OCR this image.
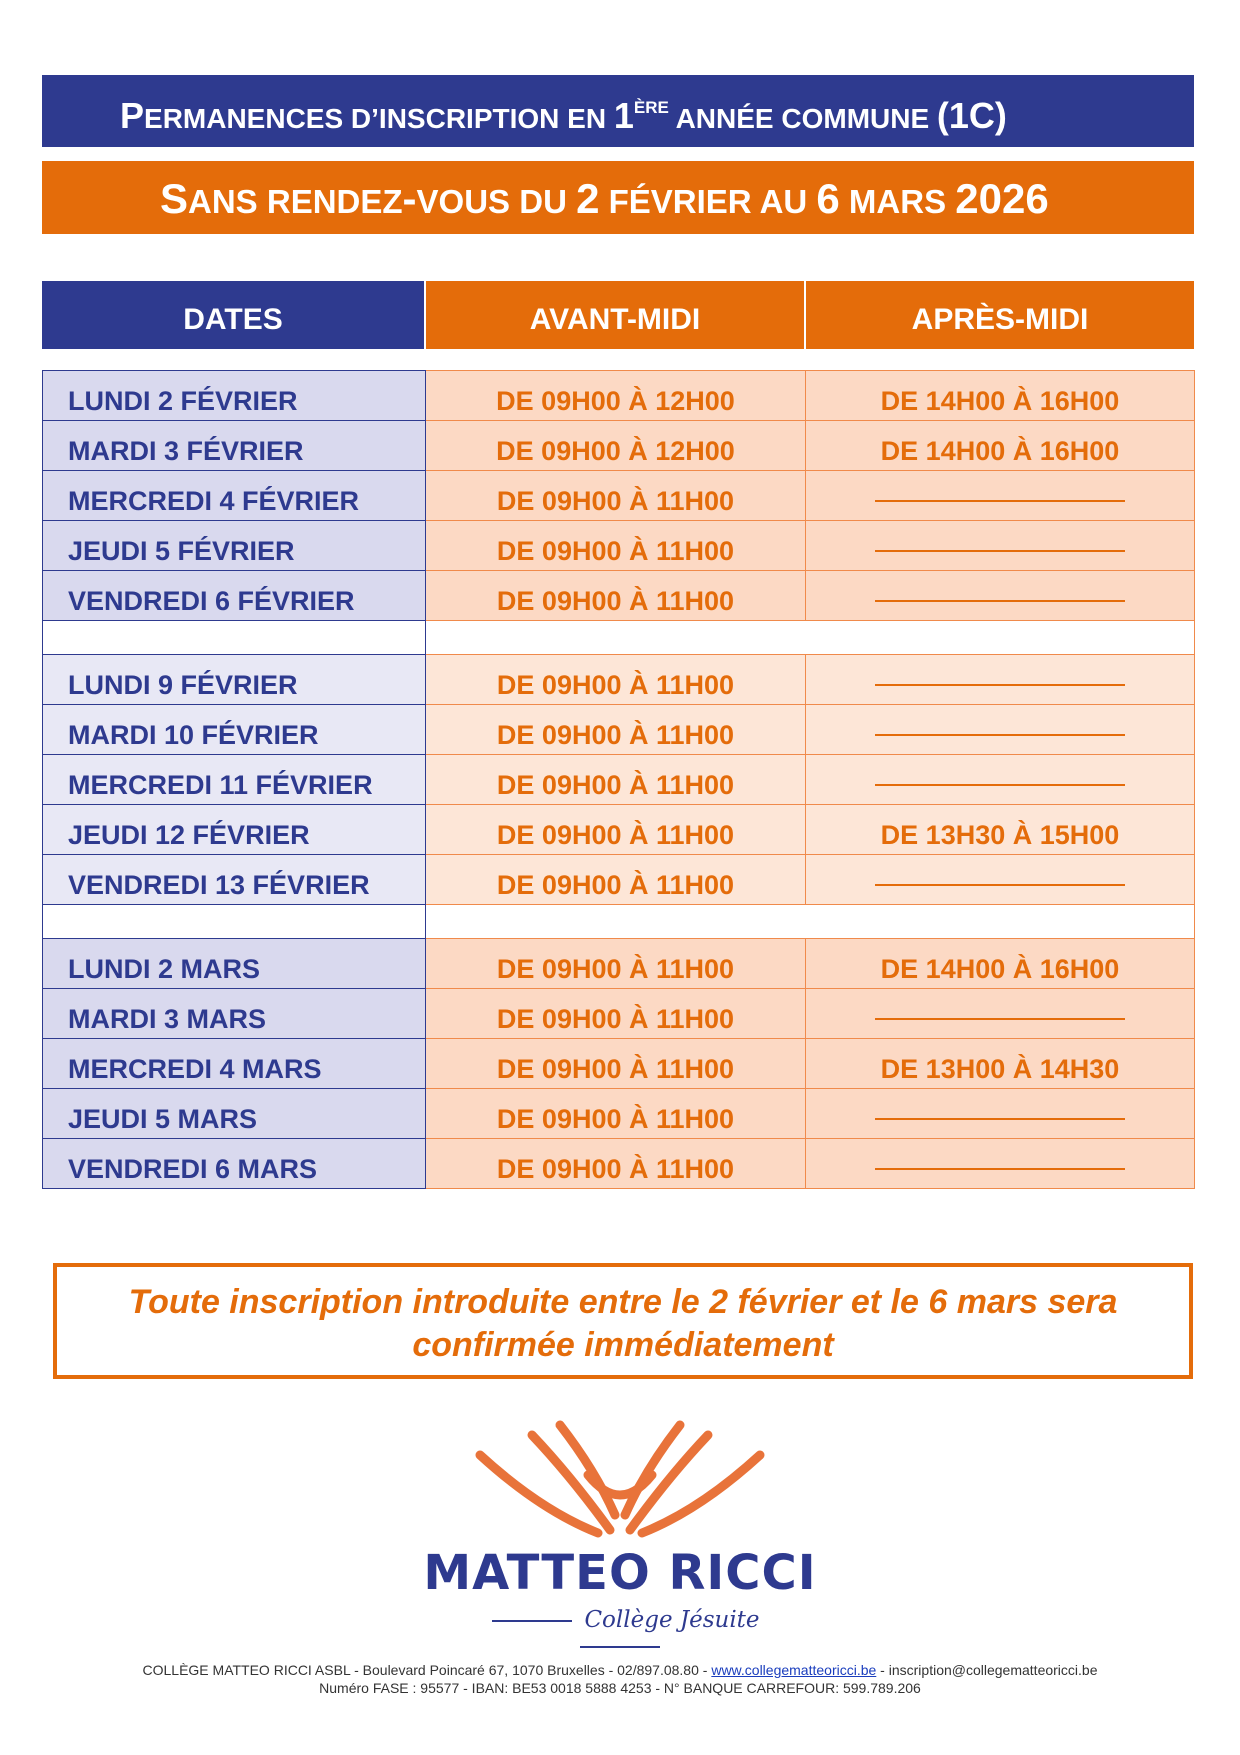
PERMANENCES D’INSCRIPTION EN 1ÈRE ANNÉE COMMUNE (1C)
SANS RENDEZ-VOUS DU 2 FÉVRIER AU 6 MARS 2026
DATES	AVANT-MIDI	APRÈS-MIDI
LUNDI 2 FÉVRIER	DE 09H00 À 12H00	DE 14H00 À 16H00
MARDI 3 FÉVRIER	DE 09H00 À 12H00	DE 14H00 À 16H00
MERCREDI 4 FÉVRIER	DE 09H00 À 11H00	
JEUDI 5 FÉVRIER	DE 09H00 À 11H00	
VENDREDI 6 FÉVRIER	DE 09H00 À 11H00	

LUNDI 9 FÉVRIER	DE 09H00 À 11H00	
MARDI 10 FÉVRIER	DE 09H00 À 11H00	
MERCREDI 11 FÉVRIER	DE 09H00 À 11H00	
JEUDI 12 FÉVRIER	DE 09H00 À 11H00	DE 13H30 À 15H00
VENDREDI 13 FÉVRIER	DE 09H00 À 11H00	

LUNDI 2 MARS	DE 09H00 À 11H00	DE 14H00 À 16H00
MARDI 3 MARS	DE 09H00 À 11H00	
MERCREDI 4 MARS	DE 09H00 À 11H00	DE 13H00 À 14H30
JEUDI 5 MARS	DE 09H00 À 11H00	
VENDREDI 6 MARS	DE 09H00 À 11H00	
Toute inscription introduite entre le 2 février et le 6 mars sera
confirmée immédiatement
MATTEO RICCI
Collège Jésuite
COLLÈGE MATTEO RICCI ASBL - Boulevard Poincaré 67, 1070 Bruxelles - 02/897.08.80 - www.collegematteoricci.be - inscription@collegematteoricci.be
Numéro FASE : 95577 - IBAN: BE53 0018 5888 4253 - N° BANQUE CARREFOUR: 599.789.206
